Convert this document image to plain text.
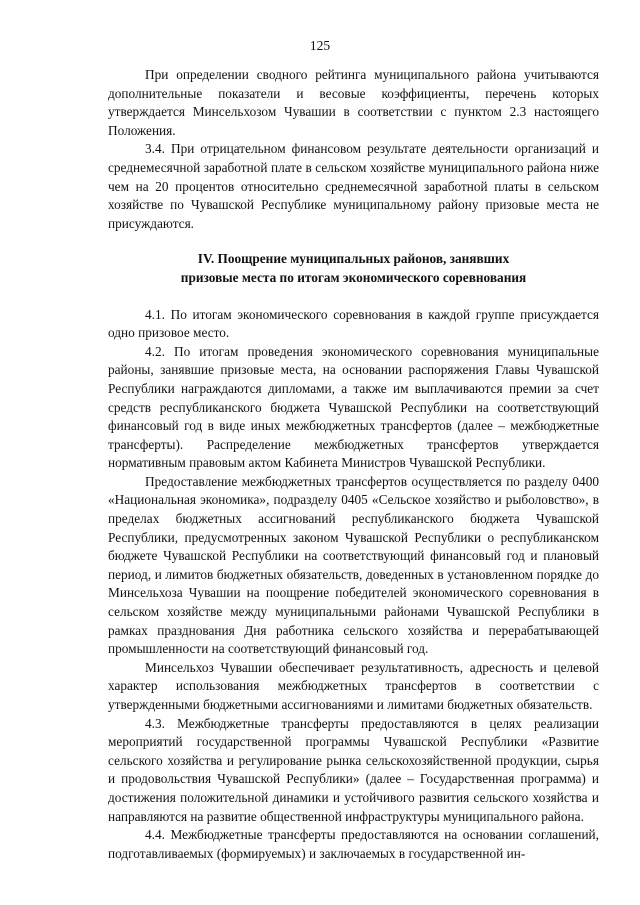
125

При определении сводного рейтинга муниципального района учитываются дополнительные показатели и весовые коэффициенты, перечень которых утверждается Минсельхозом Чувашии в соответствии с пунктом 2.3 настоящего Положения.

3.4. При отрицательном финансовом результате деятельности организаций и среднемесячной заработной плате в сельском хозяйстве муниципального района ниже чем на 20 процентов относительно среднемесячной заработной платы в сельском хозяйстве по Чувашской Республике муниципальному району призовые места не присуждаются.

IV. Поощрение муниципальных районов, занявших
призовые места по итогам экономического соревнования

4.1. По итогам экономического соревнования в каждой группе присуждается одно призовое место.

4.2. По итогам проведения экономического соревнования муниципальные районы, занявшие призовые места, на основании распоряжения Главы Чувашской Республики награждаются дипломами, а также им выплачиваются премии за счет средств республиканского бюджета Чувашской Республики на соответствующий финансовый год в виде иных межбюджетных трансфертов (далее – межбюджетные трансферты). Распределение межбюджетных трансфертов утверждается нормативным правовым актом Кабинета Министров Чувашской Республики.

Предоставление межбюджетных трансфертов осуществляется по разделу 0400 «Национальная экономика», подразделу 0405 «Сельское хозяйство и рыболовство», в пределах бюджетных ассигнований республиканского бюджета Чувашской Республики, предусмотренных законом Чувашской Республики о республиканском бюджете Чувашской Республики на соответствующий финансовый год и плановый период, и лимитов бюджетных обязательств, доведенных в установленном порядке до Минсельхоза Чувашии на поощрение победителей экономического соревнования в сельском хозяйстве между муниципальными районами Чувашской Республики в рамках празднования Дня работника сельского хозяйства и перерабатывающей промышленности на соответствующий финансовый год.

Минсельхоз Чувашии обеспечивает результативность, адресность и целевой характер использования межбюджетных трансфертов в соответствии с утвержденными бюджетными ассигнованиями и лимитами бюджетных обязательств.

4.3. Межбюджетные трансферты предоставляются в целях реализации мероприятий государственной программы Чувашской Республики «Развитие сельского хозяйства и регулирование рынка сельскохозяйственной продукции, сырья и продовольствия Чувашской Республики» (далее – Государственная программа) и достижения положительной динамики и устойчивого развития сельского хозяйства и направляются на развитие общественной инфраструктуры муниципального района.

4.4. Межбюджетные трансферты предоставляются на основании соглашений, подготавливаемых (формируемых) и заключаемых в государственной ин-
